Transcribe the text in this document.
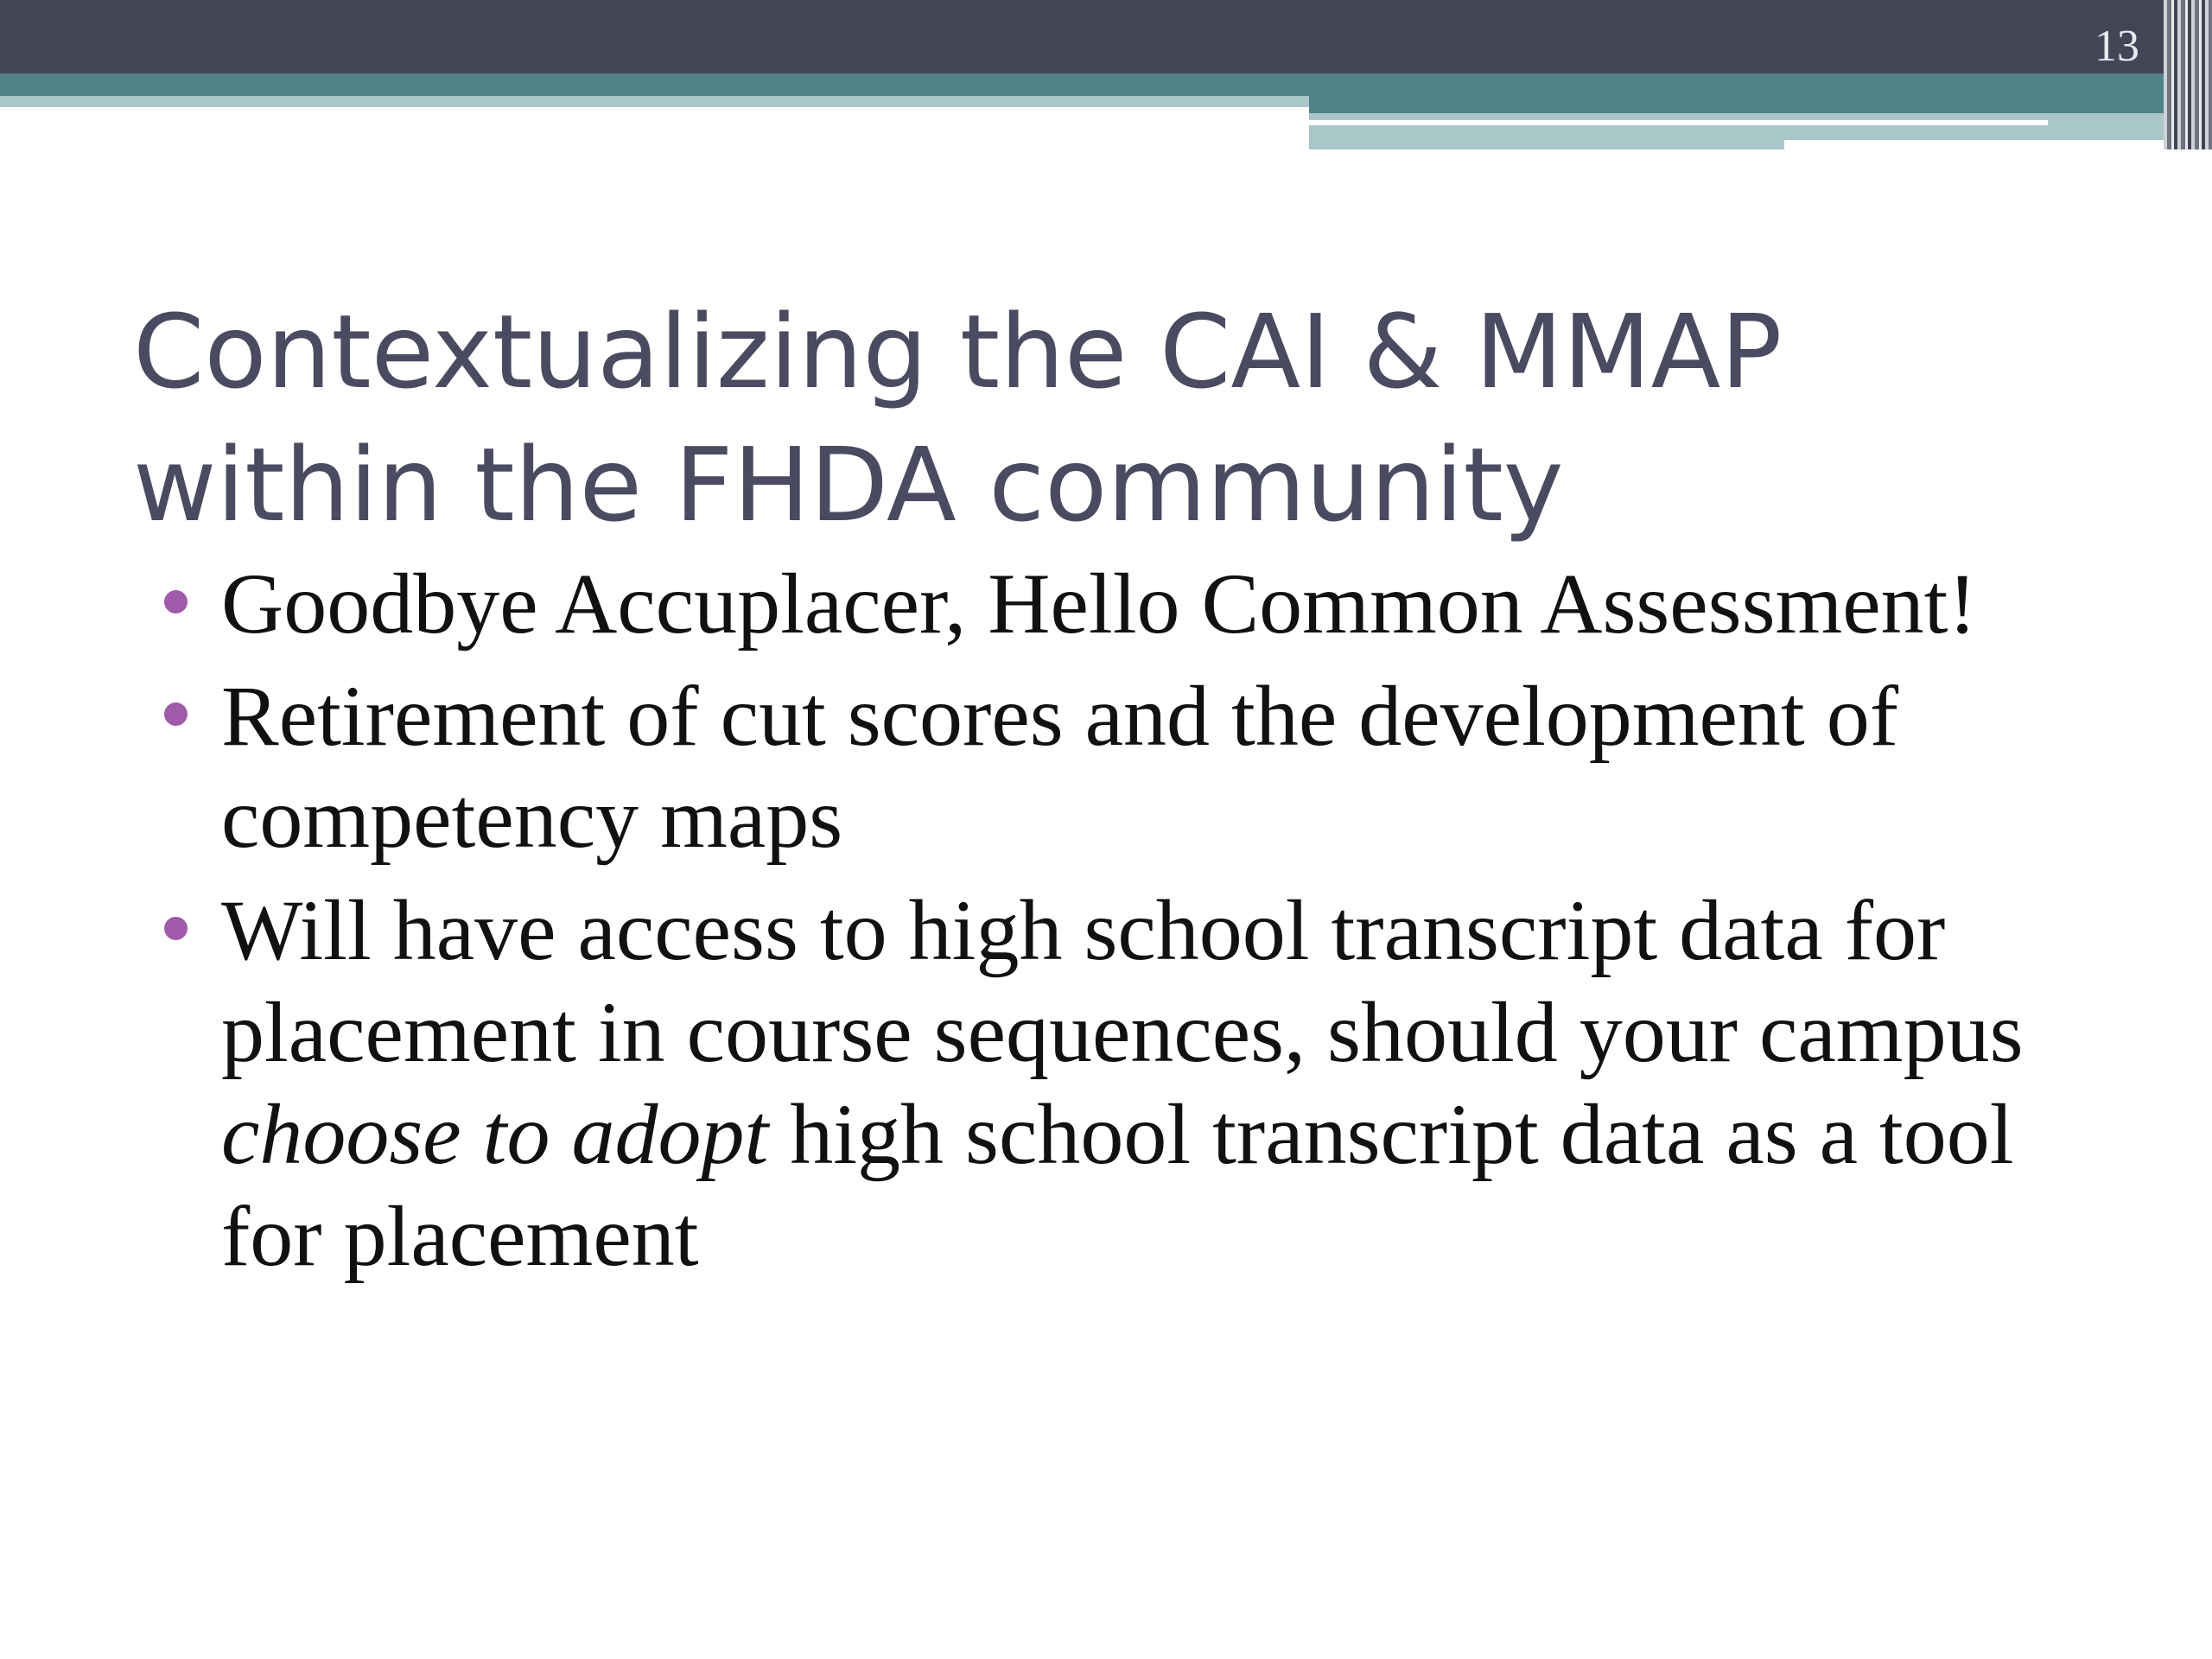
13
Contextualizing the CAI & MMAP within the FHDA community
Goodbye Accuplacer, Hello Common Assessment!
Retirement of cut scores and the development of competency maps
Will have access to high school transcript data for placement in course sequences, should your campus choose to adopt high school transcript data as a tool for placement
